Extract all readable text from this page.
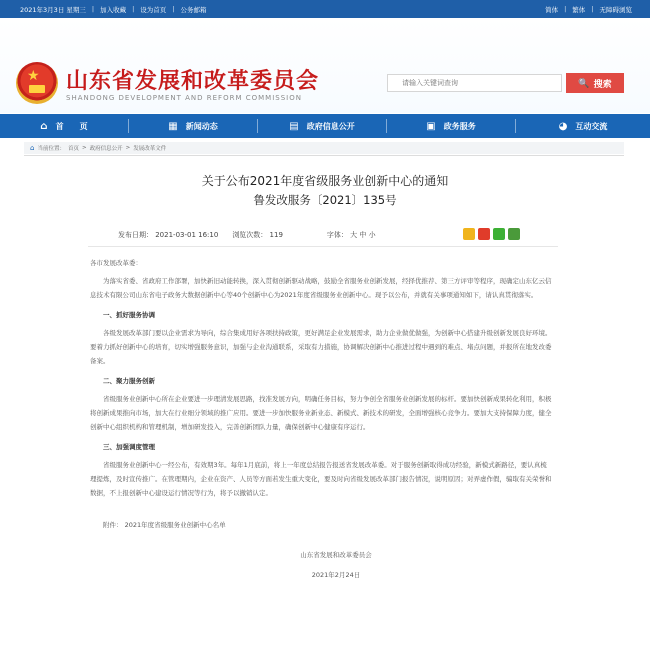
2021年3月3日 星期三 | 加入收藏 | 设为首页 | 公务邮箱	简体 | 繁体 | 无障碍浏览
★ 山东省发展和改革委员会
SHANDONG DEVELOPMENT AND REFORM COMMISSION
请输入关键词查询
🔍 搜索
⌂ 首　　页	▦ 新闻动态	▤ 政府信息公开	▣ 政务服务	◕ 互动交流
⌂ 当前位置： 首页 > 政府信息公开 > 发展改革文件
关于公布2021年度省级服务业创新中心的通知
鲁发改服务〔2021〕135号
发布日期： 2021-03-01 16:10 浏览次数： 119	字体： 大 中 小

各市发展改革委：

为落实省委、省政府工作部署，加快新旧动能转换，深入贯彻创新驱动战略，鼓励全省服务业创新发展，经择优推荐、第三方评审等程序，现确定山东亿云信息技术有限公司山东省电子政务大数据创新中心等40个创新中心为2021年度省级服务业创新中心。现予以公布，并就有关事项通知如下，请认真贯彻落实。

一、抓好服务协调

各级发展改革部门要以企业需求为导向，综合集成用好各项扶持政策，更好满足企业发展需求，助力企业做优做强，为创新中心搭建升级创新发展良好环境。要着力抓好创新中心的培育，切实增强服务意识，加强与企业沟通联系，采取有力措施，协调解决创新中心推进过程中遇到的难点、堵点问题，并报所在地发改委备案。

二、聚力服务创新

省级服务业创新中心所在企业要进一步理清发展思路，找准发展方向，明确任务目标，努力争创全省服务业创新发展的标杆。要加快创新成果转化利用，积极将创新成果推向市场，加大在行业细分领域的推广应用。要进一步加快服务业新业态、新模式、新技术的研发，全面增强核心竞争力。要加大支持保障力度，健全创新中心组织机构和管理机制，增加研发投入，完善创新团队力量，确保创新中心健康有序运行。

三、加强调度管理

省级服务业创新中心一经公布，有效期3年。每年1月底前，将上一年度总结报告报送省发展改革委。对于服务创新取得成功经验，新模式新路径，要认真梳理提炼，及时宣传推广。在管理期内，企业在资产、人员等方面若发生重大变化，要及时向省级发展改革部门报告情况，说明原因；对弄虚作假，骗取有关荣誉和数据，不上报创新中心建设运行情况等行为，将予以撤销认定。

附件： 2021年度省级服务业创新中心名单

山东省发展和改革委员会

2021年2月24日
